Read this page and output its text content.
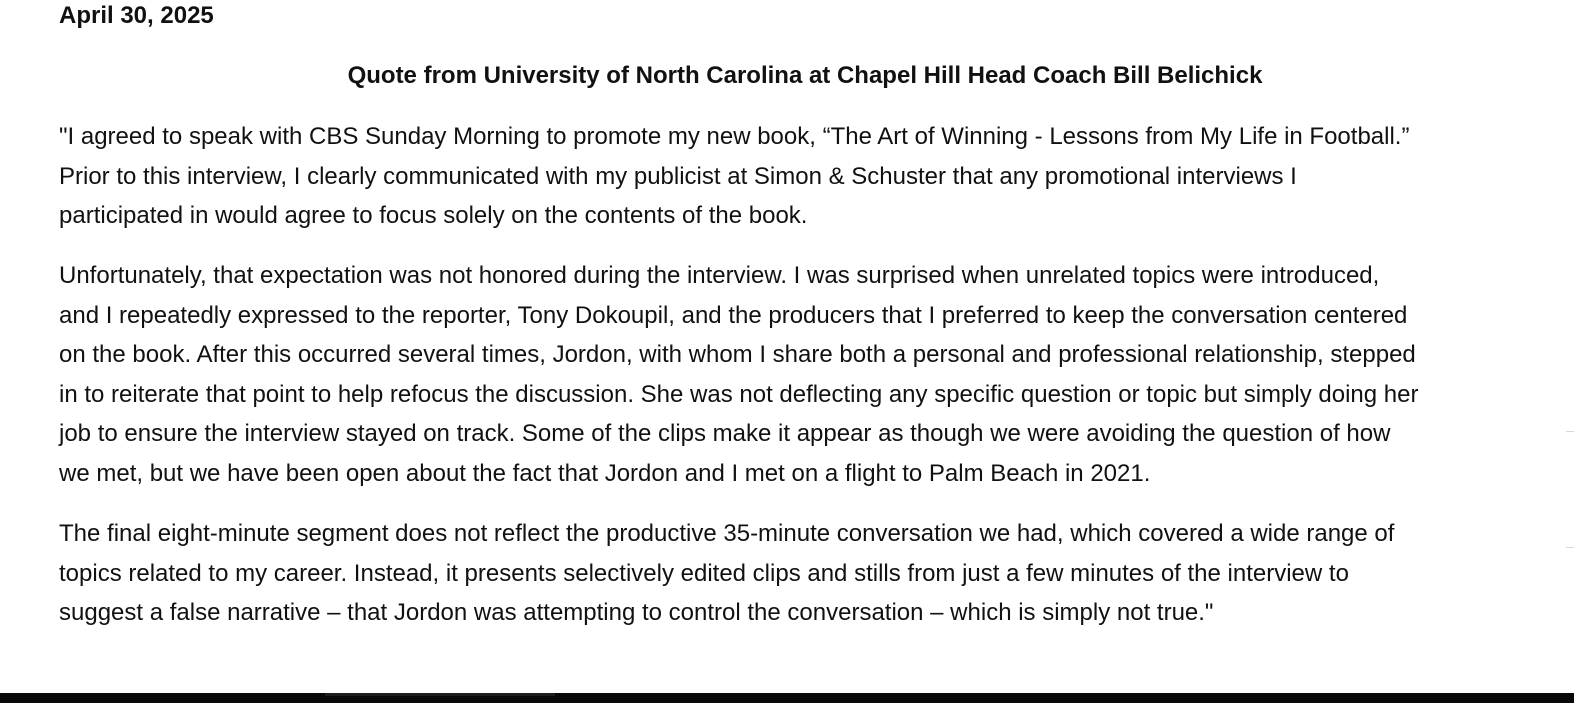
April 30, 2025
Quote from University of North Carolina at Chapel Hill Head Coach Bill Belichick

"I agreed to speak with CBS Sunday Morning to promote my new book, “The Art of Winning - Lessons from My Life in Football.”
Prior to this interview, I clearly communicated with my publicist at Simon & Schuster that any promotional interviews I
participated in would agree to focus solely on the contents of the book.

Unfortunately, that expectation was not honored during the interview. I was surprised when unrelated topics were introduced,
and I repeatedly expressed to the reporter, Tony Dokoupil, and the producers that I preferred to keep the conversation centered
on the book. After this occurred several times, Jordon, with whom I share both a personal and professional relationship, stepped
in to reiterate that point to help refocus the discussion. She was not deflecting any specific question or topic but simply doing her
job to ensure the interview stayed on track. Some of the clips make it appear as though we were avoiding the question of how
we met, but we have been open about the fact that Jordon and I met on a flight to Palm Beach in 2021.

The final eight-minute segment does not reflect the productive 35-minute conversation we had, which covered a wide range of
topics related to my career. Instead, it presents selectively edited clips and stills from just a few minutes of the interview to
suggest a false narrative – that Jordon was attempting to control the conversation – which is simply not true."
